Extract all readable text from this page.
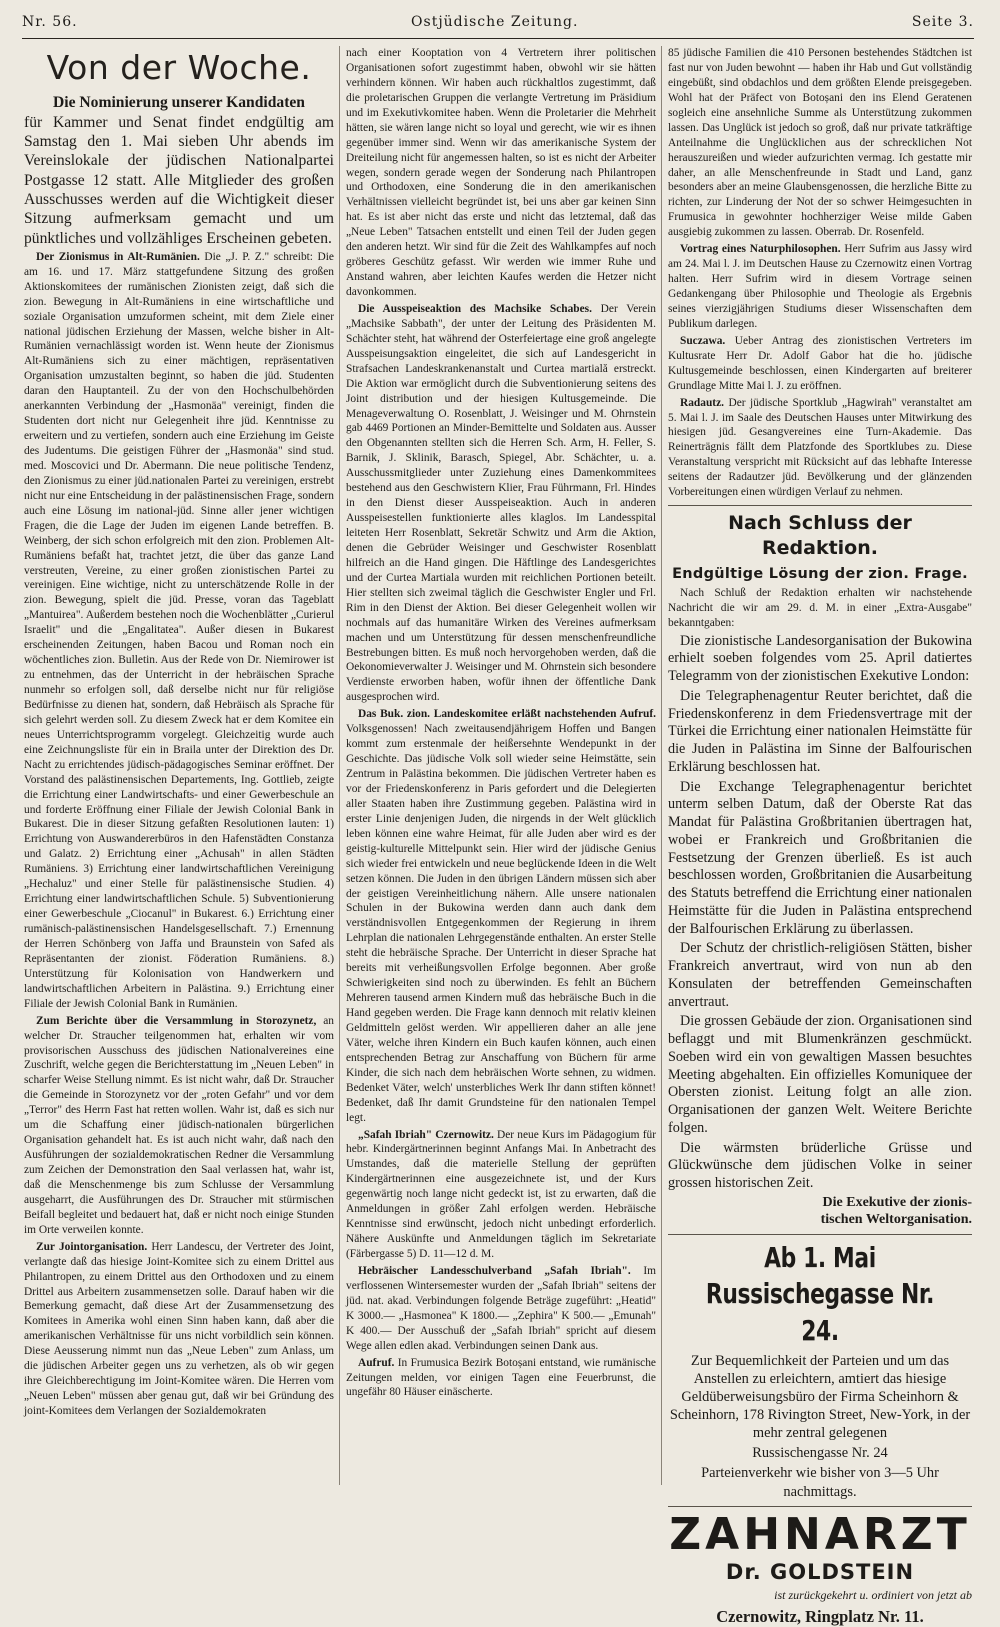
Nr. 56.	Ostjüdische Zeitung.	Seite 3.

Von der Woche.

Die Nominierung unserer Kandidaten
für Kammer und Senat findet endgültig am Samstag den 1. Mai sieben Uhr abends im Vereinslokale der jüdischen Nationalpartei Postgasse 12 statt. Alle Mitglieder des großen Ausschusses werden auf die Wichtigkeit dieser Sitzung aufmerksam gemacht und um pünktliches und vollzähliges Erscheinen gebeten.

Der Zionismus in Alt-Rumänien. Die „J. P. Z." schreibt: Die am 16. und 17. März stattgefundene Sitzung des großen Aktionskomitees der rumänischen Zionisten zeigt, daß sich die zion. Bewegung in Alt-Rumäniens in eine wirtschaftliche und soziale Organisation umzuformen scheint, mit dem Ziele einer national jüdischen Erziehung der Massen, welche bisher in Alt-Rumänien vernachlässigt worden ist. Wenn heute der Zionismus Alt-Rumäniens sich zu einer mächtigen, repräsentativen Organisation umzustalten beginnt, so haben die jüd. Studenten daran den Hauptanteil. Zu der von den Hochschulbehörden anerkannten Verbindung der „Hasmonäa" vereinigt, finden die Studenten dort nicht nur Gelegenheit ihre jüd. Kenntnisse zu erweitern und zu vertiefen, sondern auch eine Erziehung im Geiste des Judentums. Die geistigen Führer der „Hasmonäa" sind stud. med. Moscovici und Dr. Abermann. Die neue politische Tendenz, den Zionismus zu einer jüd.nationalen Partei zu vereinigen, erstrebt nicht nur eine Entscheidung in der palästinensischen Frage, sondern auch eine Lösung im national-jüd. Sinne aller jener wichtigen Fragen, die die Lage der Juden im eigenen Lande betreffen. B. Weinberg, der sich schon erfolgreich mit den zion. Problemen Alt-Rumäniens befaßt hat, trachtet jetzt, die über das ganze Land verstreuten, Vereine, zu einer großen zionistischen Partei zu vereinigen. Eine wichtige, nicht zu unterschätzende Rolle in der zion. Bewegung, spielt die jüd. Presse, voran das Tageblatt „Mantuirea". Außerdem bestehen noch die Wochenblätter „Curierul Israelit" und die „Engalitatea". Außer diesen in Bukarest erscheinenden Zeitungen, haben Bacou und Roman noch ein wöchentliches zion. Bulletin. Aus der Rede von Dr. Niemirower ist zu entnehmen, das der Unterricht in der hebräischen Sprache nunmehr so erfolgen soll, daß derselbe nicht nur für religiöse Bedürfnisse zu dienen hat, sondern, daß Hebräisch als Sprache für sich gelehrt werden soll. Zu diesem Zweck hat er dem Komitee ein neues Unterrichtsprogramm vorgelegt. Gleichzeitig wurde auch eine Zeichnungsliste für ein in Braila unter der Direktion des Dr. Nacht zu errichtendes jüdisch-pädagogisches Seminar eröffnet. Der Vorstand des palästinensischen Departements, Ing. Gottlieb, zeigte die Errichtung einer Landwirtschafts- und einer Gewerbeschule an und forderte Eröffnung einer Filiale der Jewish Colonial Bank in Bukarest. Die in dieser Sitzung gefaßten Resolutionen lauten: 1) Errichtung von Auswandererbüros in den Hafenstädten Constanza und Galatz. 2) Errichtung einer „Achusah" in allen Städten Rumäniens. 3) Errichtung einer landwirtschaftlichen Vereinigung „Hechaluz" und einer Stelle für palästinensische Studien. 4) Errichtung einer landwirtschaftlichen Schule. 5) Subventionierung einer Gewerbeschule „Ciocanul" in Bukarest. 6.) Errichtung einer rumänisch-palästinensischen Handelsgesellschaft. 7.) Ernennung der Herren Schönberg von Jaffa und Braunstein von Safed als Repräsentanten der zionist. Föderation Rumäniens. 8.) Unterstützung für Kolonisation von Handwerkern und landwirtschaftlichen Arbeitern in Palästina. 9.) Errichtung einer Filiale der Jewish Colonial Bank in Rumänien.

Zum Berichte über die Versammlung in Storozynetz, an welcher Dr. Straucher teilgenommen hat, erhalten wir vom provisorischen Ausschuss des jüdischen Nationalvereines eine Zuschrift, welche gegen die Berichterstattung im „Neuen Leben" in scharfer Weise Stellung nimmt. Es ist nicht wahr, daß Dr. Straucher die Gemeinde in Storozynetz vor der „roten Gefahr" und vor dem „Terror" des Herrn Fast hat retten wollen. Wahr ist, daß es sich nur um die Schaffung einer jüdisch-nationalen bürgerlichen Organisation gehandelt hat. Es ist auch nicht wahr, daß nach den Ausführungen der sozialdemokratischen Redner die Versammlung zum Zeichen der Demonstration den Saal verlassen hat, wahr ist, daß die Menschenmenge bis zum Schlusse der Versammlung ausgeharrt, die Ausführungen des Dr. Straucher mit stürmischen Beifall begleitet und bedauert hat, daß er nicht noch einige Stunden im Orte verweilen konnte.

Zur Jointorganisation. Herr Landescu, der Vertreter des Joint, verlangte daß das hiesige Joint-Komitee sich zu einem Drittel aus Philantropen, zu einem Drittel aus den Orthodoxen und zu einem Drittel aus Arbeitern zusammensetzen solle. Darauf haben wir die Bemerkung gemacht, daß diese Art der Zusammensetzung des Komitees in Amerika wohl einen Sinn haben kann, daß aber die amerikanischen Verhältnisse für uns nicht vorbildlich sein können. Diese Aeusserung nimmt nun das „Neue Leben" zum Anlass, um die jüdischen Arbeiter gegen uns zu verhetzen, als ob wir gegen ihre Gleichberechtigung im Joint-Komitee wären. Die Herren vom „Neuen Leben" müssen aber genau gut, daß wir bei Gründung des joint-Komitees dem Verlangen der Sozialdemokraten

nach einer Kooptation von 4 Vertretern ihrer politischen Organisationen sofort zugestimmt haben, obwohl wir sie hätten verhindern können. Wir haben auch rückhaltlos zugestimmt, daß die proletarischen Gruppen die verlangte Vertretung im Präsidium und im Exekutivkomitee haben. Wenn die Proletarier die Mehrheit hätten, sie wären lange nicht so loyal und gerecht, wie wir es ihnen gegenüber immer sind. Wenn wir das amerikanische System der Dreiteilung nicht für angemessen halten, so ist es nicht der Arbeiter wegen, sondern gerade wegen der Sonderung nach Philantropen und Orthodoxen, eine Sonderung die in den amerikanischen Verhältnissen vielleicht begründet ist, bei uns aber gar keinen Sinn hat. Es ist aber nicht das erste und nicht das letztemal, daß das „Neue Leben" Tatsachen entstellt und einen Teil der Juden gegen den anderen hetzt. Wir sind für die Zeit des Wahlkampfes auf noch gröberes Geschütz gefasst. Wir werden wie immer Ruhe und Anstand wahren, aber leichten Kaufes werden die Hetzer nicht davonkommen.

Die Ausspeiseaktion des Machsike Schabes. Der Verein „Machsike Sabbath", der unter der Leitung des Präsidenten M. Schächter steht, hat während der Osterfeiertage eine groß angelegte Ausspeisungsaktion eingeleitet, die sich auf Landesgericht in Strafsachen Landeskrankenanstalt und Curtea martială erstreckt. Die Aktion war ermöglicht durch die Subventionierung seitens des Joint distribution und der hiesigen Kultusgemeinde. Die Menageverwaltung O. Rosenblatt, J. Weisinger und M. Ohrnstein gab 4469 Portionen an Minder-Bemittelte und Soldaten aus. Ausser den Obgenannten stellten sich die Herren Sch. Arm, H. Feller, S. Barnik, J. Sklinik, Barasch, Spiegel, Abr. Schächter, u. a. Ausschussmitglieder unter Zuziehung eines Damenkommitees bestehend aus den Geschwistern Klier, Frau Führmann, Frl. Hindes in den Dienst dieser Ausspeiseaktion. Auch in anderen Ausspeisestellen funktionierte alles klaglos. Im Landesspital leiteten Herr Rosenblatt, Sekretär Schwitz und Arm die Aktion, denen die Gebrüder Weisinger und Geschwister Rosenblatt hilfreich an die Hand gingen. Die Häftlinge des Landesgerichtes und der Curtea Martiala wurden mit reichlichen Portionen beteilt. Hier stellten sich zweimal täglich die Geschwister Engler und Frl. Rim in den Dienst der Aktion. Bei dieser Gelegenheit wollen wir nochmals auf das humanitäre Wirken des Vereines aufmerksam machen und um Unterstützung für dessen menschenfreundliche Bestrebungen bitten. Es muß noch hervorgehoben werden, daß die Oekonomieverwalter J. Weisinger und M. Ohrnstein sich besondere Verdienste erworben haben, wofür ihnen der öffentliche Dank ausgesprochen wird.

Das Buk. zion. Landeskomitee erläßt nachstehenden Aufruf. Volksgenossen! Nach zweitausendjährigem Hoffen und Bangen kommt zum erstenmale der heißersehnte Wendepunkt in der Geschichte. Das jüdische Volk soll wieder seine Heimstätte, sein Zentrum in Palästina bekommen. Die jüdischen Vertreter haben es vor der Friedenskonferenz in Paris gefordert und die Delegierten aller Staaten haben ihre Zustimmung gegeben. Palästina wird in erster Linie denjenigen Juden, die nirgends in der Welt glücklich leben können eine wahre Heimat, für alle Juden aber wird es der geistig-kulturelle Mittelpunkt sein. Hier wird der jüdische Genius sich wieder frei entwickeln und neue beglückende Ideen in die Welt setzen können. Die Juden in den übrigen Ländern müssen sich aber der geistigen Vereinheitlichung nähern. Alle unsere nationalen Schulen in der Bukowina werden dann auch dank dem verständnisvollen Entgegenkommen der Regierung in ihrem Lehrplan die nationalen Lehrgegenstände enthalten. An erster Stelle steht die hebräische Sprache. Der Unterricht in dieser Sprache hat bereits mit verheißungsvollen Erfolge begonnen. Aber große Schwierigkeiten sind noch zu überwinden. Es fehlt an Büchern Mehreren tausend armen Kindern muß das hebräische Buch in die Hand gegeben werden. Die Frage kann dennoch mit relativ kleinen Geldmitteln gelöst werden. Wir appellieren daher an alle jene Väter, welche ihren Kindern ein Buch kaufen können, auch einen entsprechenden Betrag zur Anschaffung von Büchern für arme Kinder, die sich nach dem hebräischen Worte sehnen, zu widmen. Bedenket Väter, welch' unsterbliches Werk Ihr dann stiften könnet! Bedenket, daß Ihr damit Grundsteine für den nationalen Tempel legt.

„Safah Ibriah" Czernowitz. Der neue Kurs im Pädagogium für hebr. Kindergärtnerinnen beginnt Anfangs Mai. In Anbetracht des Umstandes, daß die materielle Stellung der geprüften Kindergärtnerinnen eine ausgezeichnete ist, und der Kurs gegenwärtig noch lange nicht gedeckt ist, ist zu erwarten, daß die Anmeldungen in größer Zahl erfolgen werden. Hebräische Kenntnisse sind erwünscht, jedoch nicht unbedingt erforderlich. Nähere Auskünfte und Anmeldungen täglich im Sekretariate (Färbergasse 5) D. 11—12 d. M.

Hebräischer Landesschulverband „Safah Ibriah". Im verflossenen Wintersemester wurden der „Safah Ibriah" seitens der jüd. nat. akad. Verbindungen folgende Beträge zugeführt: „Heatid" K 3000.— „Hasmonea" K 1800.— „Zephira" K 500.— „Emunah" K 400.— Der Ausschuß der „Safah Ibriah" spricht auf diesem Wege allen edlen akad. Verbindungen seinen Dank aus.

Aufruf. In Frumusica Bezirk Botoșani entstand, wie rumänische Zeitungen melden, vor einigen Tagen eine Feuerbrunst, die ungefähr 80 Häuser einäscherte.

85 jüdische Familien die 410 Personen bestehendes Städtchen ist fast nur von Juden bewohnt — haben ihr Hab und Gut vollständig eingebüßt, sind obdachlos und dem größten Elende preisgegeben. Wohl hat der Präfect von Botoșani den ins Elend Geratenen sogleich eine ansehnliche Summe als Unterstützung zukommen lassen. Das Unglück ist jedoch so groß, daß nur private tatkräftige Anteilnahme die Unglücklichen aus der schrecklichen Not herauszureißen und wieder aufzurichten vermag. Ich gestatte mir daher, an alle Menschenfreunde in Stadt und Land, ganz besonders aber an meine Glaubensgenossen, die herzliche Bitte zu richten, zur Linderung der Not der so schwer Heimgesuchten in Frumusica in gewohnter hochherziger Weise milde Gaben ausgiebig zukommen zu lassen. Oberrab. Dr. Rosenfeld.

Vortrag eines Naturphilosophen. Herr Sufrim aus Jassy wird am 24. Mai l. J. im Deutschen Hause zu Czernowitz einen Vortrag halten. Herr Sufrim wird in diesem Vortrage seinen Gedankengang über Philosophie und Theologie als Ergebnis seines vierzigjährigen Studiums dieser Wissenschaften dem Publikum darlegen.

Suczawa. Ueber Antrag des zionistischen Vertreters im Kultusrate Herr Dr. Adolf Gabor hat die ho. jüdische Kultusgemeinde beschlossen, einen Kindergarten auf breiterer Grundlage Mitte Mai l. J. zu eröffnen.

Radautz. Der jüdische Sportklub „Hagwirah" veranstaltet am 5. Mai l. J. im Saale des Deutschen Hauses unter Mitwirkung des hiesigen jüd. Gesangvereines eine Turn-Akademie. Das Reinerträgnis fällt dem Platzfonde des Sportklubes zu. Diese Veranstaltung verspricht mit Rücksicht auf das lebhafte Interesse seitens der Radautzer jüd. Bevölkerung und der glänzenden Vorbereitungen einen würdigen Verlauf zu nehmen.

Nach Schluss der Redaktion.

Endgültige Lösung der zion. Frage.

Nach Schluß der Redaktion erhalten wir nachstehende Nachricht die wir am 29. d. M. in einer „Extra-Ausgabe" bekanntgaben:

Die zionistische Landesorganisation der Bukowina erhielt soeben folgendes vom 25. April datiertes Telegramm von der zionistischen Exekutive London:

Die Telegraphenagentur Reuter berichtet, daß die Friedenskonferenz in dem Friedensvertrage mit der Türkei die Errichtung einer nationalen Heimstätte für die Juden in Palästina im Sinne der Balfourischen Erklärung beschlossen hat.

Die Exchange Telegraphenagentur berichtet unterm selben Datum, daß der Oberste Rat das Mandat für Palästina Großbritanien übertragen hat, wobei er Frankreich und Großbritanien die Festsetzung der Grenzen überließ. Es ist auch beschlossen worden, Großbritanien die Ausarbeitung des Statuts betreffend die Errichtung einer nationalen Heimstätte für die Juden in Palästina entsprechend der Balfourischen Erklärung zu überlassen.

Der Schutz der christlich-religiösen Stätten, bisher Frankreich anvertraut, wird von nun ab den Konsulaten der betreffenden Gemeinschaften anvertraut.

Die grossen Gebäude der zion. Organisationen sind beflaggt und mit Blumenkränzen geschmückt. Soeben wird ein von gewaltigen Massen besuchtes Meeting abgehalten. Ein offizielles Komuniquee der Obersten zionist. Leitung folgt an alle zion. Organisationen der ganzen Welt. Weitere Berichte folgen.

Die wärmsten brüderliche Grüsse und Glückwünsche dem jüdischen Volke in seiner grossen historischen Zeit.

Die Exekutive der zionis-
tischen Weltorganisation.

Ab 1. Mai Russischegasse Nr. 24.

Zur Bequemlichkeit der Parteien und um das Anstellen zu erleichtern, amtiert das hiesige Geldüberweisungsbüro der Firma Scheinhorn & Scheinhorn, 178 Rivington Street, New-York, in der mehr zentral gelegenen

Russischengasse Nr. 24

Parteienverkehr wie bisher von 3—5 Uhr nachmittags.

ZAHNARZT

Dr. GOLDSTEIN

ist zurückgekehrt u. ordiniert von jetzt ab

Czernowitz, Ringplatz Nr. 11.
